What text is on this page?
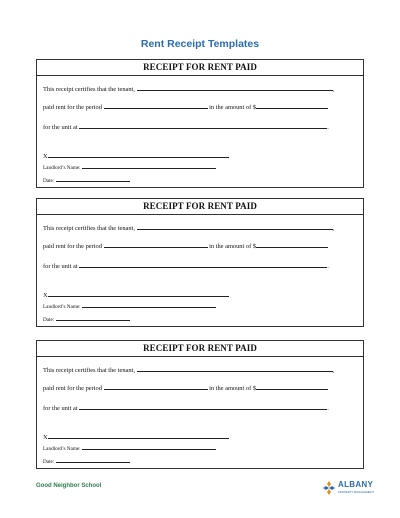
Rent Receipt Templates
RECEIPT FOR RENT PAID
This receipt certifies that the tenant,	,
paid rent for the period	in the amount of $
for the unit at	.
X
Landlord’s Name:
Date:
RECEIPT FOR RENT PAID
This receipt certifies that the tenant,	,
paid rent for the period	in the amount of $
for the unit at	.
X
Landlord’s Name:
Date:
RECEIPT FOR RENT PAID
This receipt certifies that the tenant,	,
paid rent for the period	in the amount of $
for the unit at	.
X
Landlord’s Name:
Date:
Good Neighbor School	ALBANY
PROPERTY MANAGEMENT
